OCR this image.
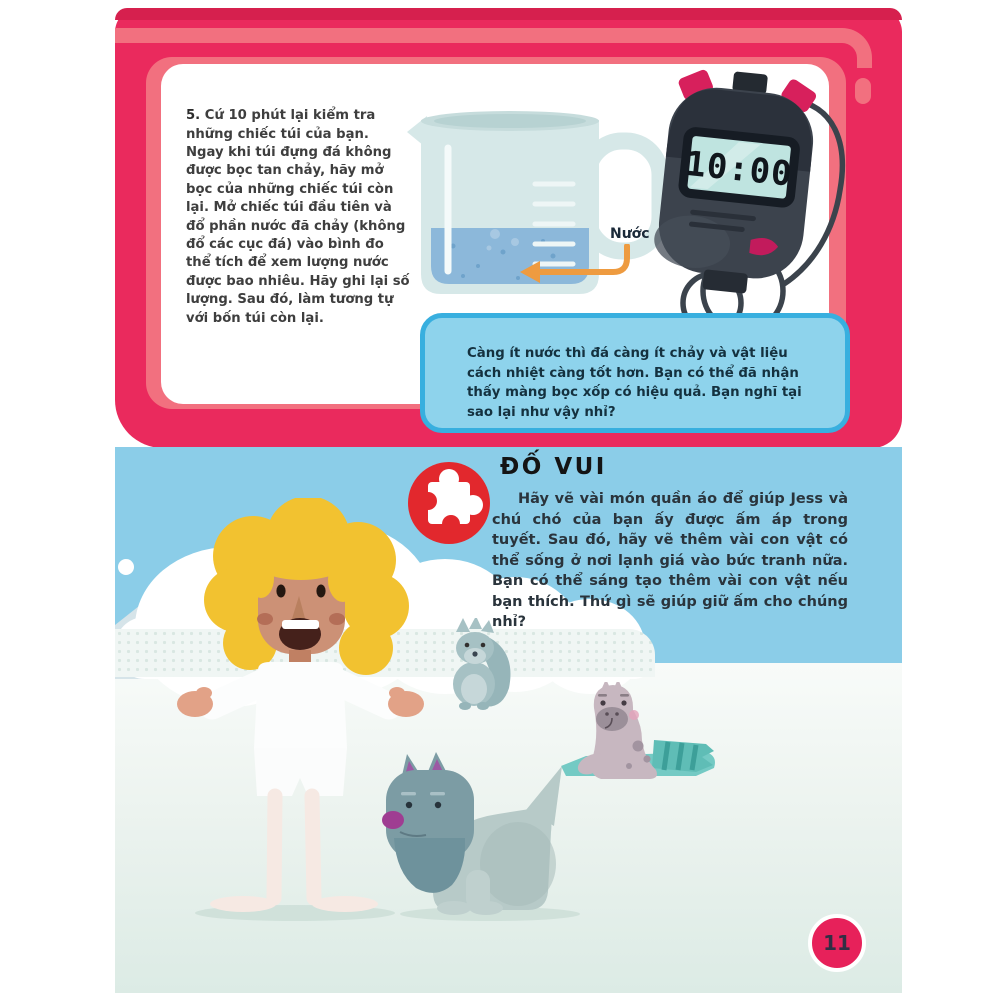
5. Cứ 10 phút lại kiểm tra những chiếc túi của bạn. Ngay khi túi đựng đá không được bọc tan chảy, hãy mở bọc của những chiếc túi còn lại. Mở chiếc túi đầu tiên và đổ phần nước đã chảy (không đổ các cục đá) vào bình đo thể tích để xem lượng nước được bao nhiêu. Hãy ghi lại số lượng. Sau đó, làm tương tự với bốn túi còn lại.

10:00
Nước

Càng ít nước thì đá càng ít chảy và vật liệu cách nhiệt càng tốt hơn. Bạn có thể đã nhận thấy màng bọc xốp có hiệu quả. Bạn nghĩ tại sao lại như vậy nhỉ?

ĐỐ VUI

Hãy vẽ vài món quần áo để giúp Jess và chú chó của bạn ấy được ấm áp trong tuyết. Sau đó, hãy vẽ thêm vài con vật có thể sống ở nơi lạnh giá vào bức tranh nữa. Bạn có thể sáng tạo thêm vài con vật nếu bạn thích. Thứ gì sẽ giúp giữ ấm cho chúng nhỉ?

11
